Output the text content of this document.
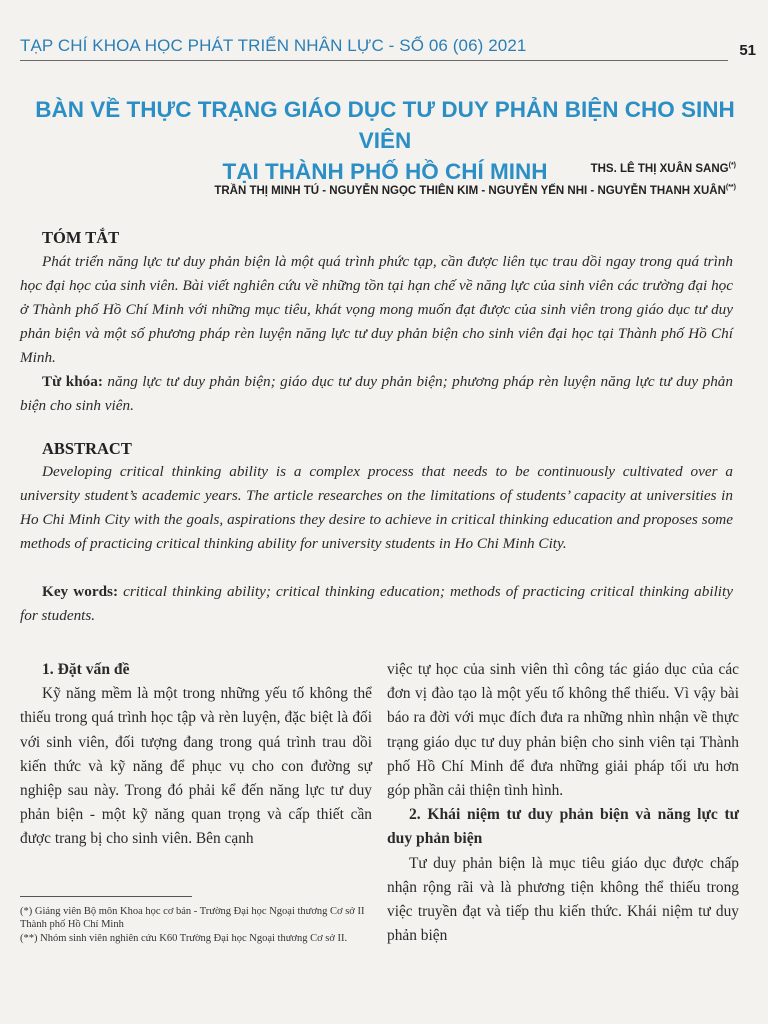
TẠP CHÍ KHOA HỌC PHÁT TRIỂN NHÂN LỰC - SỐ 06 (06) 2021	51
BÀN VỀ THỰC TRẠNG GIÁO DỤC TƯ DUY PHẢN BIỆN CHO SINH VIÊN
TẠI THÀNH PHỐ HỒ CHÍ MINH	THS. LÊ THỊ XUÂN SANG(*)
TRẦN THỊ MINH TÚ - NGUYỄN NGỌC THIÊN KIM - NGUYỄN YẾN NHI - NGUYỄN THANH XUÂN(**)
TÓM TẮT
Phát triển năng lực tư duy phản biện là một quá trình phức tạp, cần được liên tục trau dồi ngay trong quá trình học đại học của sinh viên. Bài viết nghiên cứu về những tồn tại hạn chế về năng lực của sinh viên các trường đại học ở Thành phố Hồ Chí Minh với những mục tiêu, khát vọng mong muốn đạt được của sinh viên trong giáo dục tư duy phản biện và một số phương pháp rèn luyện năng lực tư duy phản biện cho sinh viên đại học tại Thành phố Hồ Chí Minh.
Từ khóa: năng lực tư duy phản biện; giáo dục tư duy phản biện; phương pháp rèn luyện năng lực tư duy phản biện cho sinh viên.
ABSTRACT
Developing critical thinking ability is a complex process that needs to be continuously cultivated over a university student’s academic years. The article researches on the limitations of students’ capacity at universities in Ho Chi Minh City with the goals, aspirations they desire to achieve in critical thinking education and proposes some methods of practicing critical thinking ability for university students in Ho Chi Minh City.
Key words: critical thinking ability; critical thinking education; methods of practicing critical thinking ability for students.
1. Đặt vấn đề

Kỹ năng mềm là một trong những yếu tố không thể thiếu trong quá trình học tập và rèn luyện, đặc biệt là đối với sinh viên, đối tượng đang trong quá trình trau dồi kiến thức và kỹ năng để phục vụ cho con đường sự nghiệp sau này. Trong đó phải kể đến năng lực tư duy phản biện - một kỹ năng quan trọng và cấp thiết cần được trang bị cho sinh viên. Bên cạnh

việc tự học của sinh viên thì công tác giáo dục của các đơn vị đào tạo là một yếu tố không thể thiếu. Vì vậy bài báo ra đời với mục đích đưa ra những nhìn nhận về thực trạng giáo dục tư duy phản biện cho sinh viên tại Thành phố Hồ Chí Minh để đưa những giải pháp tối ưu hơn góp phần cải thiện tình hình.

2. Khái niệm tư duy phản biện và năng lực tư duy phản biện

Tư duy phản biện là mục tiêu giáo dục được chấp nhận rộng rãi và là phương tiện không thể thiếu trong việc truyền đạt và tiếp thu kiến thức. Khái niệm tư duy phản biện

(*) Giảng viên Bộ môn Khoa học cơ bản - Trường Đại học Ngoại thương Cơ sở II Thành phố Hồ Chí Minh
(**) Nhóm sinh viên nghiên cứu K60 Trường Đại học Ngoại thương Cơ sở II.
